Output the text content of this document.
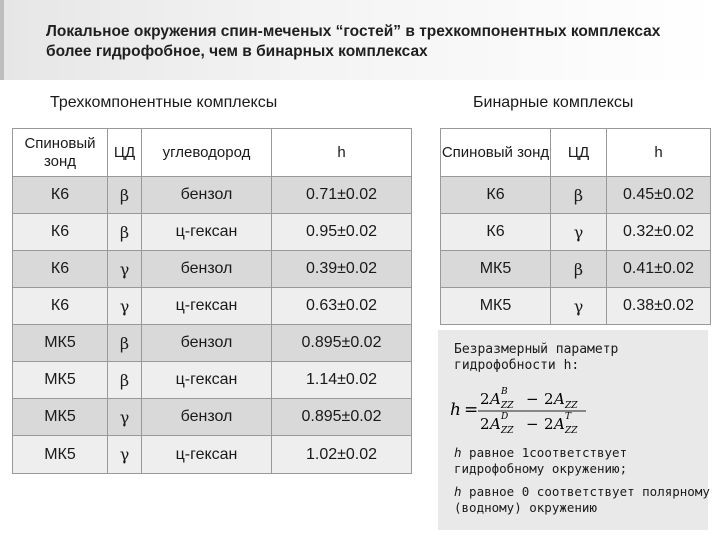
Локальное окружения спин-меченых “гостей” в трехкомпонентных комплексах более гидрофобное, чем в бинарных комплексах
Трехкомпонентные комплексы	Бинарные комплексы
Спиновый зонд	ЦД	углеводород	h
К6	β	бензол	0.71±0.02
К6	β	ц-гексан	0.95±0.02
К6	γ	бензол	0.39±0.02
К6	γ	ц-гексан	0.63±0.02
МК5	β	бензол	0.895±0.02
МК5	β	ц-гексан	1.14±0.02
МК5	γ	бензол	0.895±0.02
МК5	γ	ц-гексан	1.02±0.02
Спиновый зонд	ЦД	h
К6	β	0.45±0.02
К6	γ	0.32±0.02
МК5	β	0.41±0.02
МК5	γ	0.38±0.02

Безразмерный параметр гидрофобности h:

h =
2 A B
ZZ − 2 A ZZ
2 A D
ZZ − 2 A T
ZZ

h равное 1соответствует гидрофобному окружению;

h равное 0 соответствует полярному (водному) окружению
